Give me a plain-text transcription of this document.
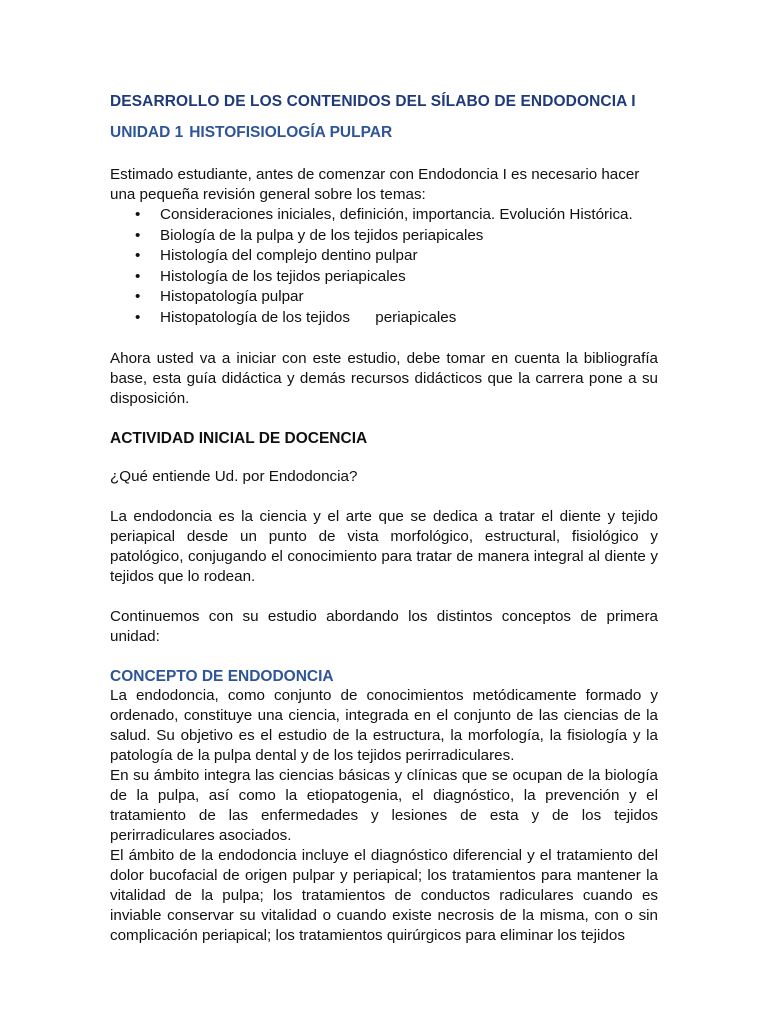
DESARROLLO DE LOS CONTENIDOS DEL SÍLABO DE ENDODONCIA I
UNIDAD 1 HISTOFISIOLOGÍA PULPAR

Estimado estudiante, antes de comenzar con Endodoncia I es necesario hacer una pequeña revisión general sobre los temas:

• Consideraciones iniciales, definición, importancia. Evolución Histórica.
• Biología de la pulpa y de los tejidos periapicales
• Histología del complejo dentino pulpar
• Histología de los tejidos periapicales
• Histopatología pulpar
• Histopatología de los tejidos      periapicales

Ahora usted va a iniciar con este estudio, debe tomar en cuenta la bibliografía base, esta guía didáctica y demás recursos didácticos que la carrera pone a su disposición.

ACTIVIDAD INICIAL DE DOCENCIA

¿Qué entiende Ud. por Endodoncia?

La endodoncia es la ciencia y el arte que se dedica a tratar el diente y tejido periapical desde un punto de vista morfológico, estructural, fisiológico y patológico, conjugando el conocimiento para tratar de manera integral al diente y tejidos que lo rodean.

Continuemos con su estudio abordando los distintos conceptos de primera unidad:

CONCEPTO DE ENDODONCIA

La endodoncia, como conjunto de conocimientos metódicamente formado y ordenado, constituye una ciencia, integrada en el conjunto de las ciencias de la salud. Su objetivo es el estudio de la estructura, la morfología, la fisiología y la patología de la pulpa dental y de los tejidos perirradiculares.

En su ámbito integra las ciencias básicas y clínicas que se ocupan de la biología de la pulpa, así como la etiopatogenia, el diagnóstico, la prevención y el tratamiento de las enfermedades y lesiones de esta y de los tejidos perirradiculares asociados.

El ámbito de la endodoncia incluye el diagnóstico diferencial y el tratamiento del dolor bucofacial de origen pulpar y periapical; los tratamientos para mantener la vitalidad de la pulpa; los tratamientos de conductos radiculares cuando es inviable conservar su vitalidad o cuando existe necrosis de la misma, con o sin complicación periapical; los tratamientos quirúrgicos para eliminar los tejidos
